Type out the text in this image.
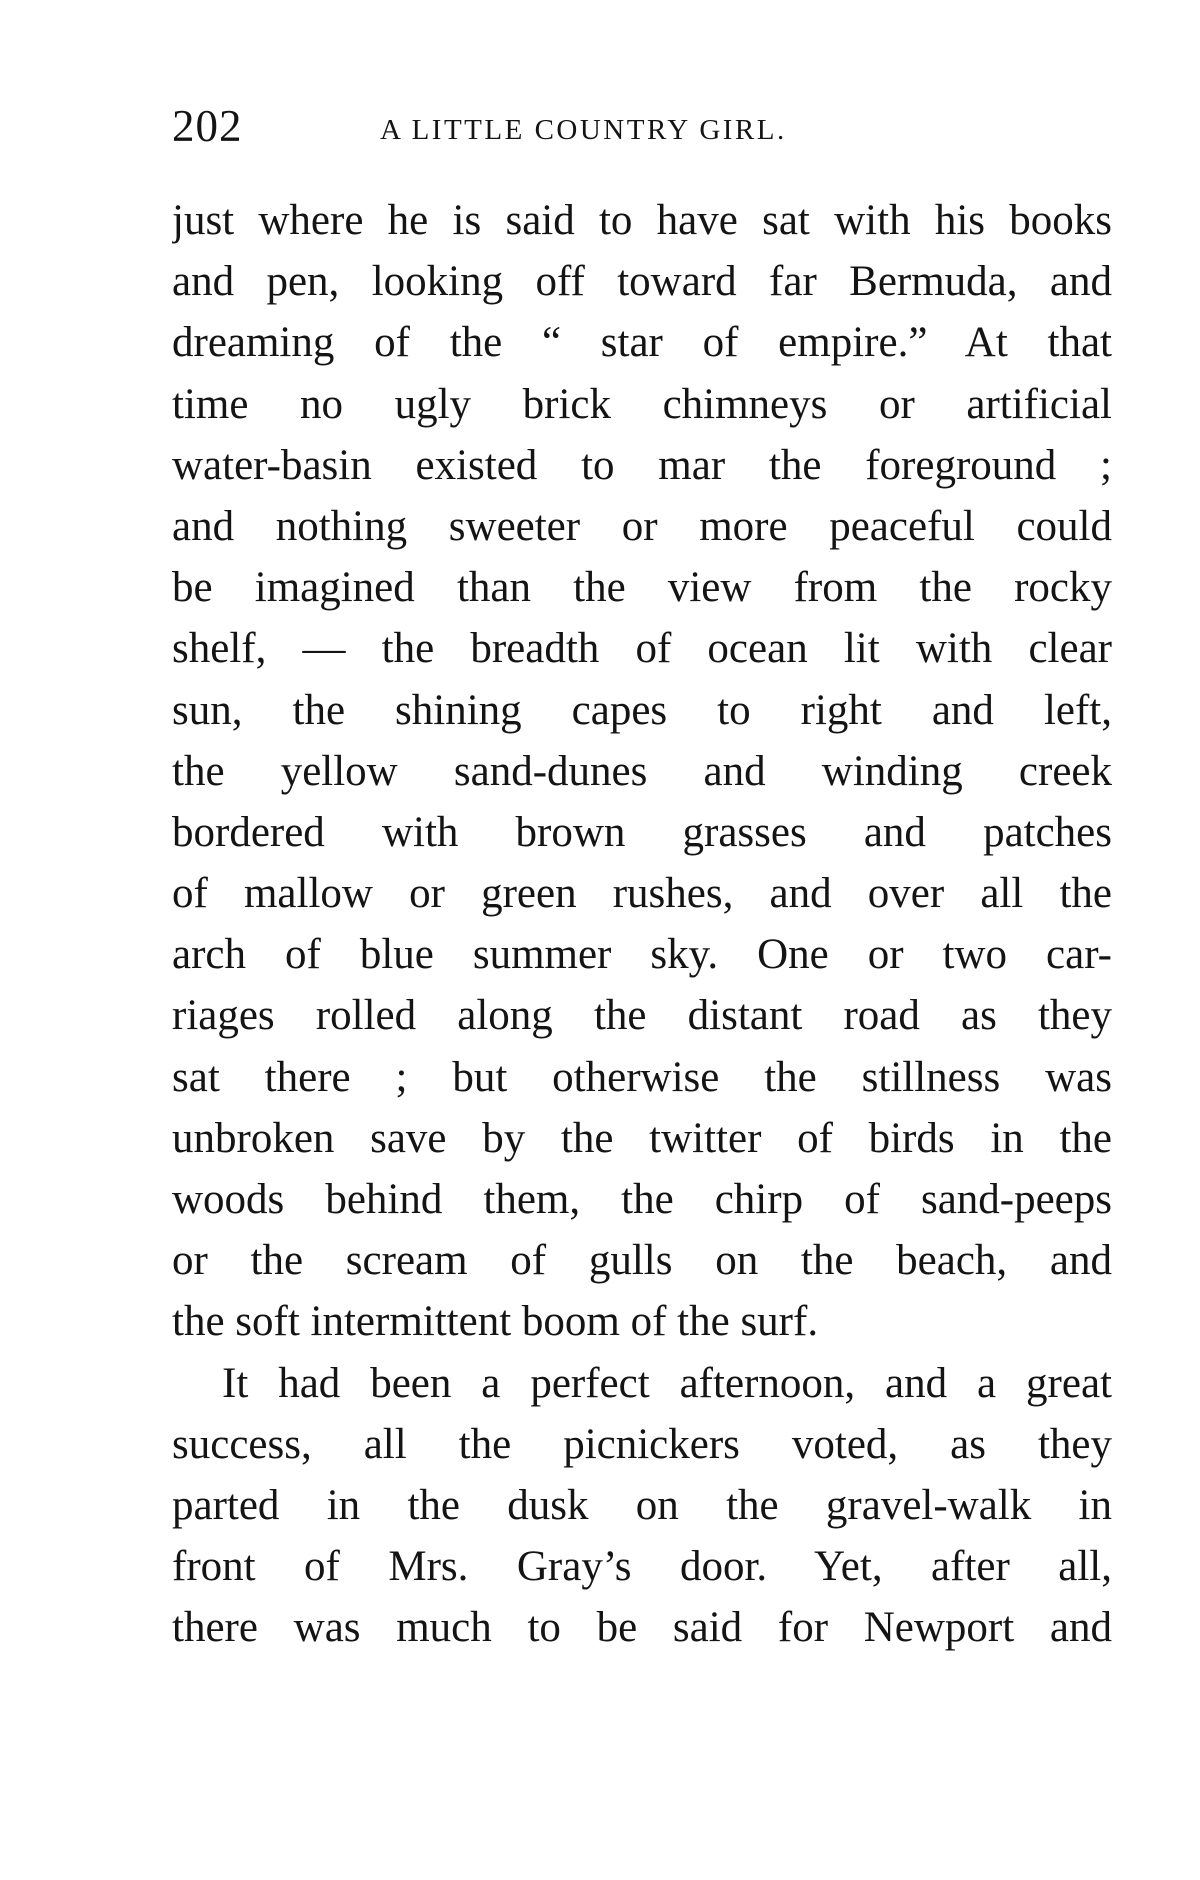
202	A LITTLE COUNTRY GIRL.
just where he is said to have sat with his books
and pen, looking off toward far Bermuda, and
dreaming of the “ star of empire.” At that
time no ugly brick chimneys or artificial
water-basin existed to mar the foreground ;
and nothing sweeter or more peaceful could
be imagined than the view from the rocky
shelf, — the breadth of ocean lit with clear
sun, the shining capes to right and left,
the yellow sand-dunes and winding creek
bordered with brown grasses and patches
of mallow or green rushes, and over all the
arch of blue summer sky. One or two car-
riages rolled along the distant road as they
sat there ; but otherwise the stillness was
unbroken save by the twitter of birds in the
woods behind them, the chirp of sand-peeps
or the scream of gulls on the beach, and
the soft intermittent boom of the surf.
It had been a perfect afternoon, and a great
success, all the picnickers voted, as they
parted in the dusk on the gravel-walk in
front of Mrs. Gray’s door. Yet, after all,
there was much to be said for Newport and
